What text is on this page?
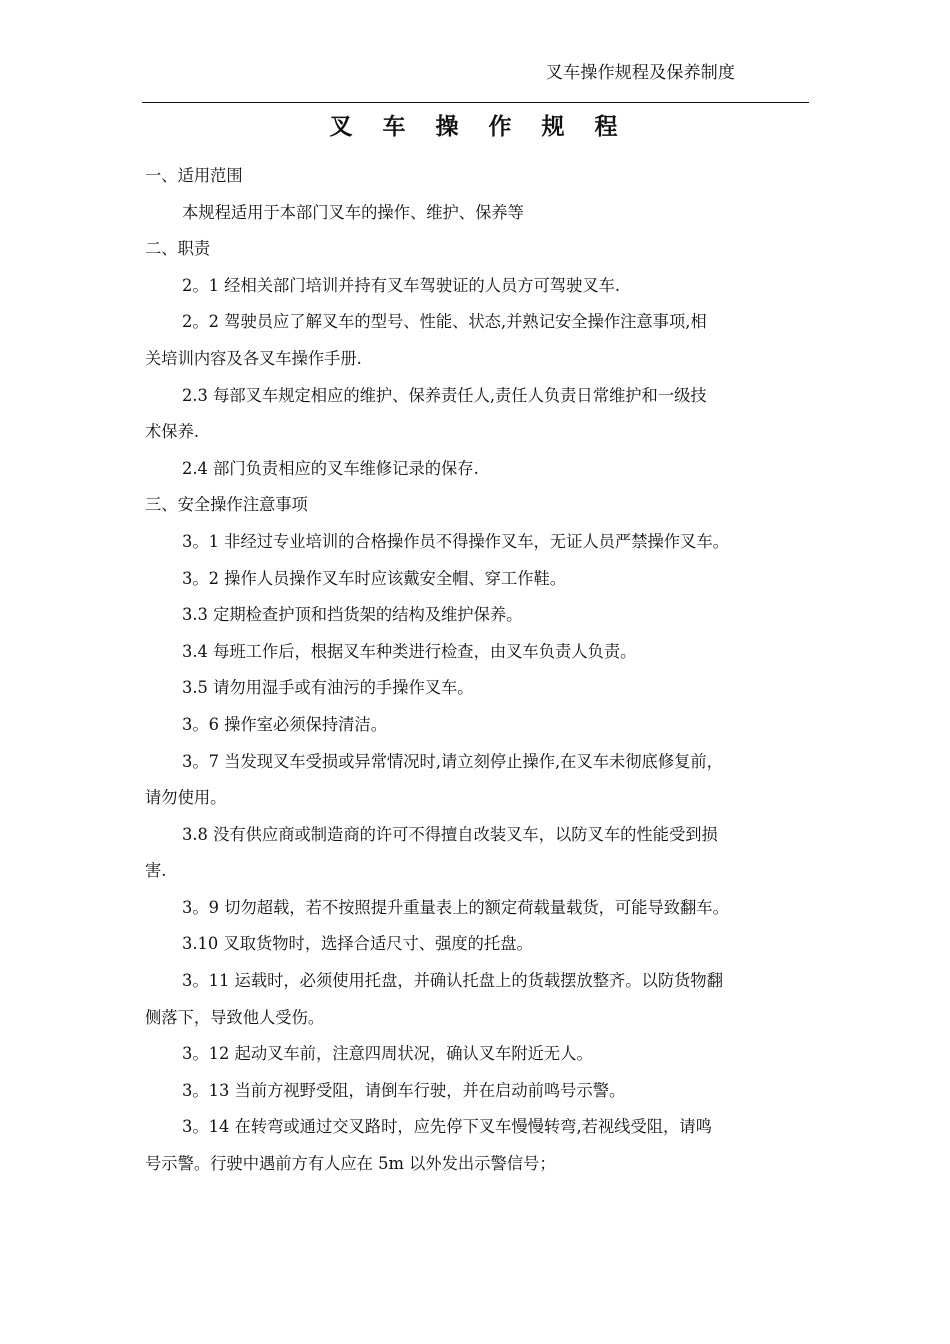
叉车操作规程及保养制度
叉 车 操 作 规 程

一、适用范围

本规程适用于本部门叉车的操作、维护、保养等

二、职责

2。1 经相关部门培训并持有叉车驾驶证的人员方可驾驶叉车.

2。2 驾驶员应了解叉车的型号、性能、状态,并熟记安全操作注意事项,相

关培训内容及各叉车操作手册.

2.3 每部叉车规定相应的维护、保养责任人,责任人负责日常维护和一级技

术保养.

2.4 部门负责相应的叉车维修记录的保存.

三、安全操作注意事项

3。1 非经过专业培训的合格操作员不得操作叉车，无证人员严禁操作叉车。

3。2 操作人员操作叉车时应该戴安全帽、穿工作鞋。

3.3 定期检查护顶和挡货架的结构及维护保养。

3.4 每班工作后，根据叉车种类进行检查，由叉车负责人负责。

3.5 请勿用湿手或有油污的手操作叉车。

3。6 操作室必须保持清洁。

3。7 当发现叉车受损或异常情况时,请立刻停止操作,在叉车未彻底修复前，

请勿使用。

3.8 没有供应商或制造商的许可不得擅自改装叉车，以防叉车的性能受到损

害.

3。9 切勿超载，若不按照提升重量表上的额定荷载量载货，可能导致翻车。

3.10 叉取货物时，选择合适尺寸、强度的托盘。

3。11 运载时，必须使用托盘，并确认托盘上的货载摆放整齐。以防货物翻

侧落下，导致他人受伤。

3。12 起动叉车前，注意四周状况，确认叉车附近无人。

3。13 当前方视野受阻，请倒车行驶，并在启动前鸣号示警。

3。14 在转弯或通过交叉路时，应先停下叉车慢慢转弯,若视线受阻，请鸣

号示警。行驶中遇前方有人应在 5m 以外发出示警信号；
